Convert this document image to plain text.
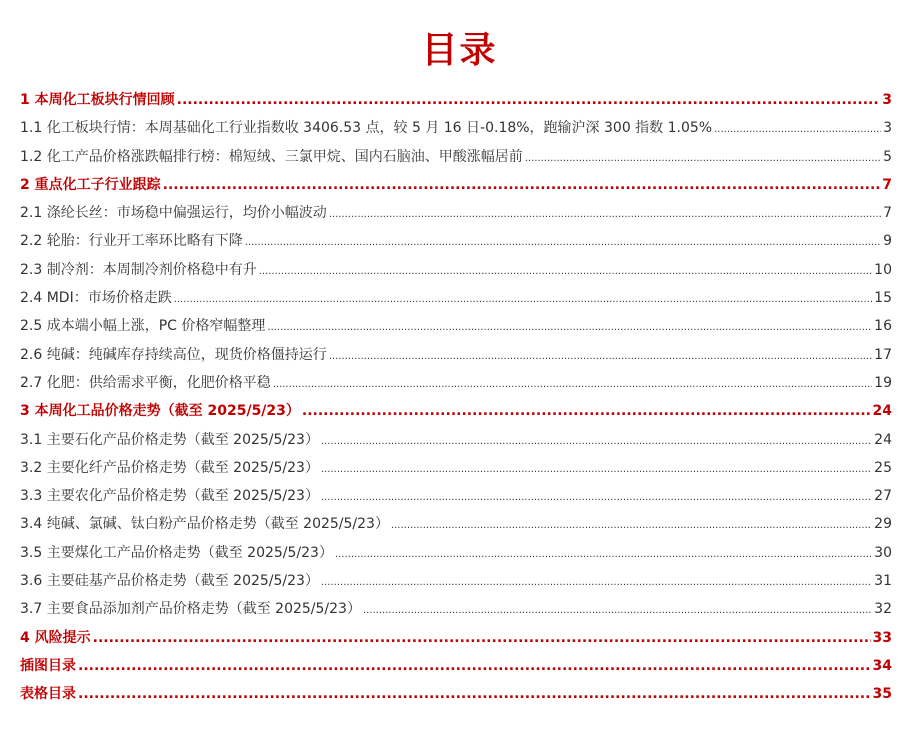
目录
1 本周化工板块行情回顾 .....	3
1.1 化工板块行情：本周基础化工行业指数收 3406.53 点，较 5 月 16 日-0.18%，跑输沪深 300 指数 1.05% .....	3
1.2 化工产品价格涨跌幅排行榜：棉短绒、三氯甲烷、国内石脑油、甲酸涨幅居前 .....	5
2 重点化工子行业跟踪 .....	7
2.1 涤纶长丝：市场稳中偏强运行，均价小幅波动 .....	7
2.2 轮胎：行业开工率环比略有下降 .....	9
2.3 制冷剂：本周制冷剂价格稳中有升 .....	10
2.4 MDI：市场价格走跌 .....	15
2.5 成本端小幅上涨，PC 价格窄幅整理 .....	16
2.6 纯碱：纯碱库存持续高位，现货价格僵持运行 .....	17
2.7 化肥：供给需求平衡，化肥价格平稳 .....	19
3 本周化工品价格走势（截至 2025/5/23） .....	24
3.1 主要石化产品价格走势（截至 2025/5/23） .....	24
3.2 主要化纤产品价格走势（截至 2025/5/23） .....	25
3.3 主要农化产品价格走势（截至 2025/5/23） .....	27
3.4 纯碱、氯碱、钛白粉产品价格走势（截至 2025/5/23） .....	29
3.5 主要煤化工产品价格走势（截至 2025/5/23） .....	30
3.6 主要硅基产品价格走势（截至 2025/5/23） .....	31
3.7 主要食品添加剂产品价格走势（截至 2025/5/23） .....	32
4 风险提示 .....	33
插图目录 .....	34
表格目录 .....	35
